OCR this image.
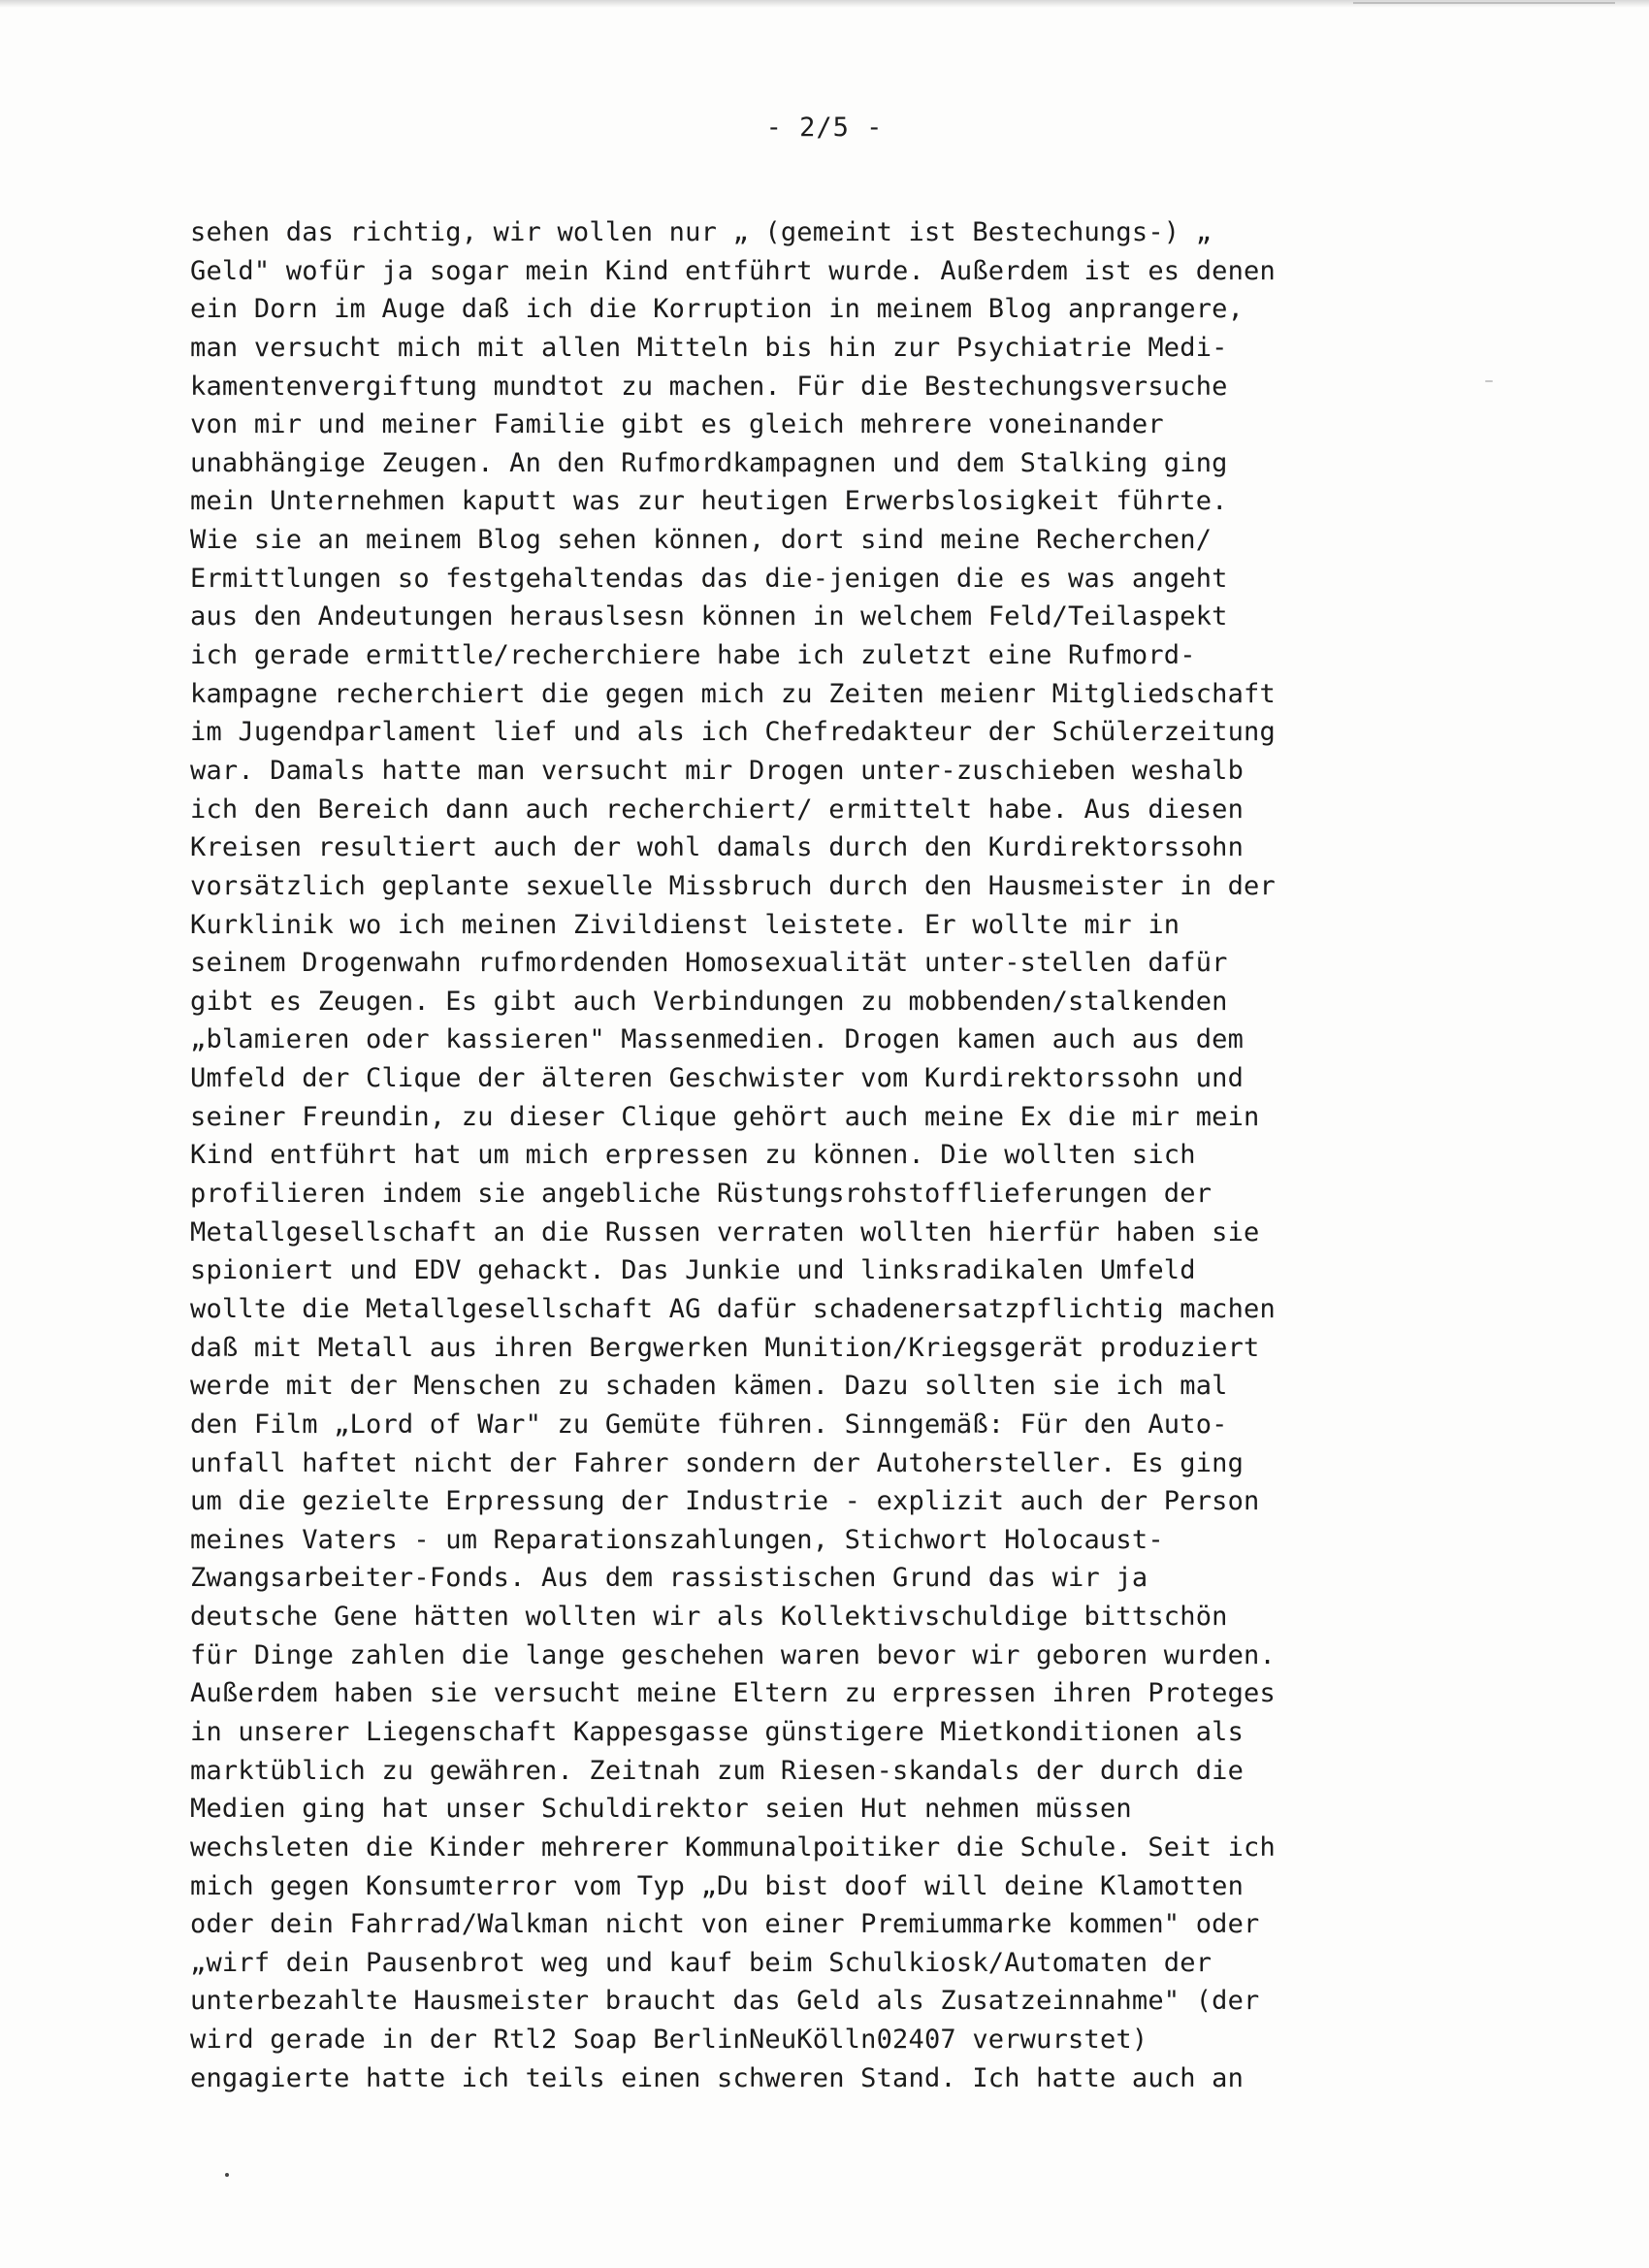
- 2/5 -
sehen das richtig, wir wollen nur „ (gemeint ist Bestechungs-) „
Geld" wofür ja sogar mein Kind entführt wurde. Außerdem ist es denen
ein Dorn im Auge daß ich die Korruption in meinem Blog anprangere,
man versucht mich mit allen Mitteln bis hin zur Psychiatrie Medi-
kamentenvergiftung mundtot zu machen. Für die Bestechungsversuche
von mir und meiner Familie gibt es gleich mehrere voneinander
unabhängige Zeugen. An den Rufmordkampagnen und dem Stalking ging
mein Unternehmen kaputt was zur heutigen Erwerbslosigkeit führte.
Wie sie an meinem Blog sehen können, dort sind meine Recherchen/
Ermittlungen so festgehaltendas das die-jenigen die es was angeht
aus den Andeutungen herauslsesn können in welchem Feld/Teilaspekt
ich gerade ermittle/recherchiere habe ich zuletzt eine Rufmord-
kampagne recherchiert die gegen mich zu Zeiten meienr Mitgliedschaft
im Jugendparlament lief und als ich Chefredakteur der Schülerzeitung
war. Damals hatte man versucht mir Drogen unter-zuschieben weshalb
ich den Bereich dann auch recherchiert/ ermittelt habe. Aus diesen
Kreisen resultiert auch der wohl damals durch den Kurdirektorssohn
vorsätzlich geplante sexuelle Missbruch durch den Hausmeister in der
Kurklinik wo ich meinen Zivildienst leistete. Er wollte mir in
seinem Drogenwahn rufmordenden Homosexualität unter-stellen dafür
gibt es Zeugen. Es gibt auch Verbindungen zu mobbenden/stalkenden
„blamieren oder kassieren" Massenmedien. Drogen kamen auch aus dem
Umfeld der Clique der älteren Geschwister vom Kurdirektorssohn und
seiner Freundin, zu dieser Clique gehört auch meine Ex die mir mein
Kind entführt hat um mich erpressen zu können. Die wollten sich
profilieren indem sie angebliche Rüstungsrohstofflieferungen der
Metallgesellschaft an die Russen verraten wollten hierfür haben sie
spioniert und EDV gehackt. Das Junkie und linksradikalen Umfeld
wollte die Metallgesellschaft AG dafür schadenersatzpflichtig machen
daß mit Metall aus ihren Bergwerken Munition/Kriegsgerät produziert
werde mit der Menschen zu schaden kämen. Dazu sollten sie ich mal
den Film „Lord of War" zu Gemüte führen. Sinngemäß: Für den Auto-
unfall haftet nicht der Fahrer sondern der Autohersteller. Es ging
um die gezielte Erpressung der Industrie - explizit auch der Person
meines Vaters - um Reparationszahlungen, Stichwort Holocaust-
Zwangsarbeiter-Fonds. Aus dem rassistischen Grund das wir ja
deutsche Gene hätten wollten wir als Kollektivschuldige bittschön
für Dinge zahlen die lange geschehen waren bevor wir geboren wurden.
Außerdem haben sie versucht meine Eltern zu erpressen ihren Proteges
in unserer Liegenschaft Kappesgasse günstigere Mietkonditionen als
marktüblich zu gewähren. Zeitnah zum Riesen-skandals der durch die
Medien ging hat unser Schuldirektor seien Hut nehmen müssen
wechsleten die Kinder mehrerer Kommunalpoitiker die Schule. Seit ich
mich gegen Konsumterror vom Typ „Du bist doof will deine Klamotten
oder dein Fahrrad/Walkman nicht von einer Premiummarke kommen" oder
„wirf dein Pausenbrot weg und kauf beim Schulkiosk/Automaten der
unterbezahlte Hausmeister braucht das Geld als Zusatzeinnahme" (der
wird gerade in der Rtl2 Soap BerlinNeuKölln02407 verwurstet)
engagierte hatte ich teils einen schweren Stand. Ich hatte auch an
